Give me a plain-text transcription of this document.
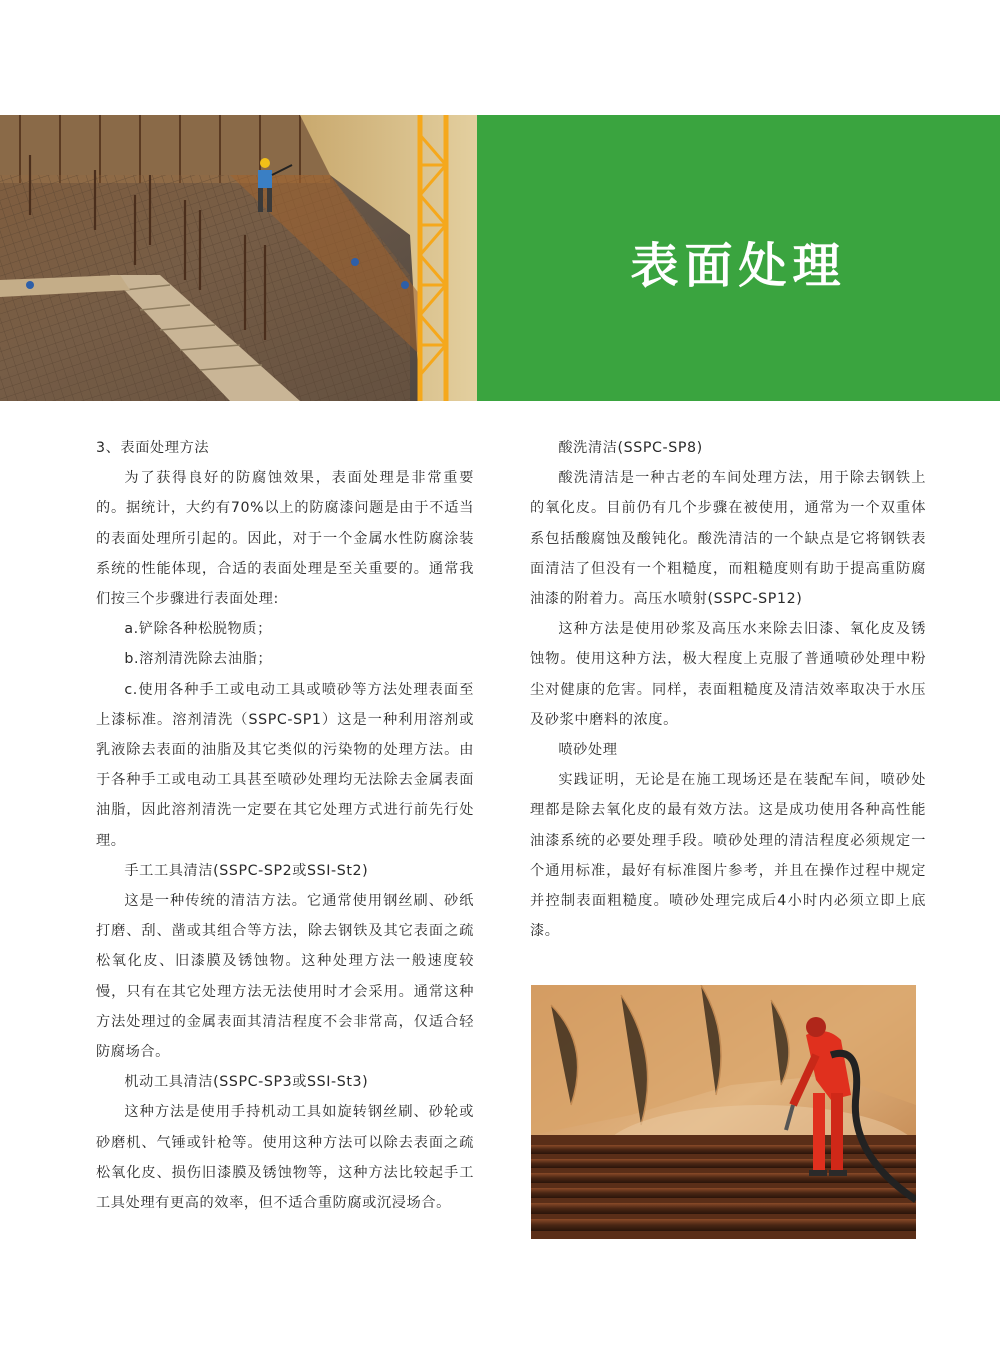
表面处理

3、表面处理方法

为了获得良好的防腐蚀效果，表面处理是非常重要的。据统计，大约有70%以上的防腐漆问题是由于不适当的表面处理所引起的。因此，对于一个金属水性防腐涂装系统的性能体现，合适的表面处理是至关重要的。通常我们按三个步骤进行表面处理:

a.铲除各种松脱物质；

b.溶剂清洗除去油脂；

c.使用各种手工或电动工具或喷砂等方法处理表面至上漆标准。溶剂清洗（SSPC-SP1）这是一种利用溶剂或乳液除去表面的油脂及其它类似的污染物的处理方法。由于各种手工或电动工具甚至喷砂处理均无法除去金属表面油脂，因此溶剂清洗一定要在其它处理方式进行前先行处理。

手工工具清洁(SSPC-SP2或SSI-St2)

这是一种传统的清洁方法。它通常使用钢丝刷、砂纸打磨、刮、凿或其组合等方法，除去钢铁及其它表面之疏松氧化皮、旧漆膜及锈蚀物。这种处理方法一般速度较慢，只有在其它处理方法无法使用时才会采用。通常这种方法处理过的金属表面其清洁程度不会非常高，仅适合轻防腐场合。

机动工具清洁(SSPC-SP3或SSI-St3)

这种方法是使用手持机动工具如旋转钢丝刷、砂轮或砂磨机、气锤或针枪等。使用这种方法可以除去表面之疏松氧化皮、损伤旧漆膜及锈蚀物等，这种方法比较起手工工具处理有更高的效率，但不适合重防腐或沉浸场合。

酸洗清洁(SSPC-SP8)

酸洗清洁是一种古老的车间处理方法，用于除去钢铁上的氧化皮。目前仍有几个步骤在被使用，通常为一个双重体系包括酸腐蚀及酸钝化。酸洗清洁的一个缺点是它将钢铁表面清洁了但没有一个粗糙度，而粗糙度则有助于提高重防腐油漆的附着力。高压水喷射(SSPC-SP12)

这种方法是使用砂浆及高压水来除去旧漆、氧化皮及锈蚀物。使用这种方法，极大程度上克服了普通喷砂处理中粉尘对健康的危害。同样，表面粗糙度及清洁效率取决于水压及砂浆中磨料的浓度。

喷砂处理

实践证明，无论是在施工现场还是在装配车间，喷砂处理都是除去氧化皮的最有效方法。这是成功使用各种高性能油漆系统的必要处理手段。喷砂处理的清洁程度必须规定一个通用标准，最好有标准图片参考，并且在操作过程中规定并控制表面粗糙度。喷砂处理完成后4小时内必须立即上底漆。
